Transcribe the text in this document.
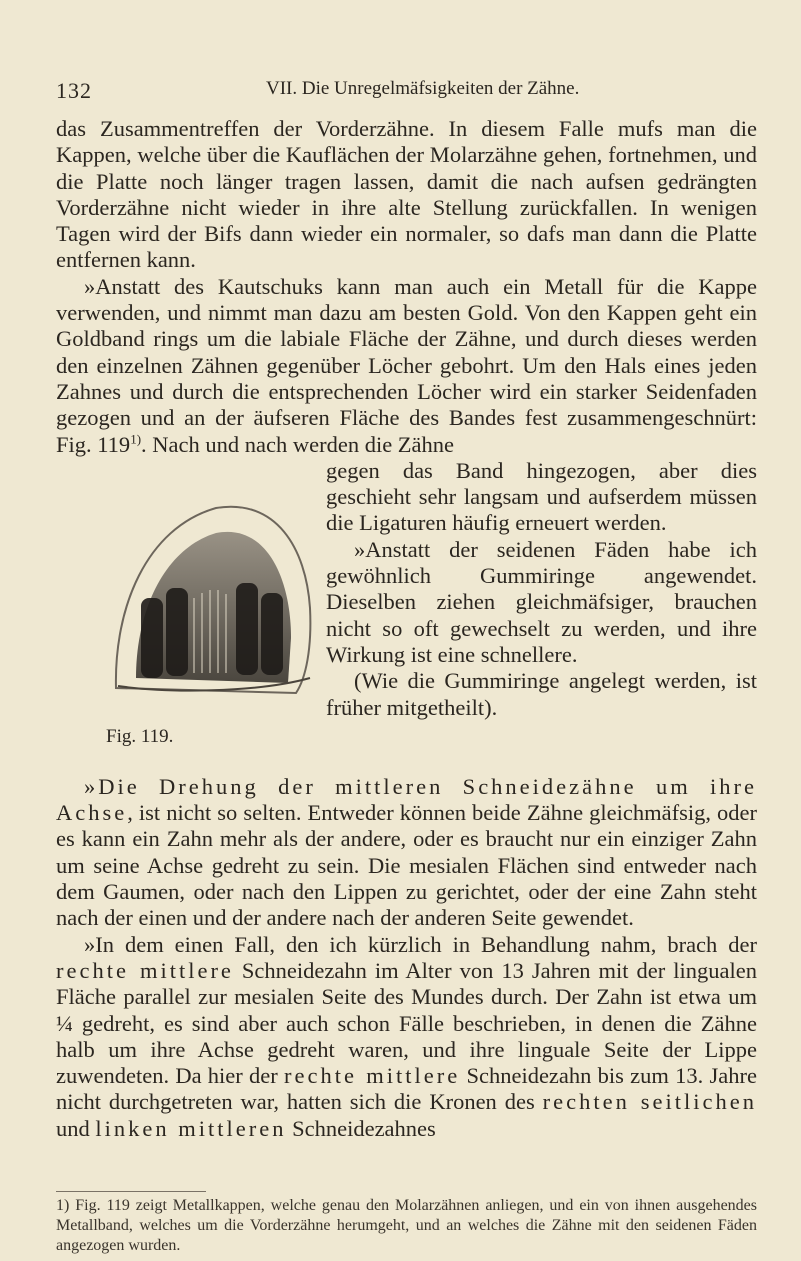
132	VII. Die Unregelmäfsigkeiten der Zähne.

das Zusammentreffen der Vorderzähne. In diesem Falle mufs man die Kappen, welche über die Kauflächen der Molarzähne gehen, fortnehmen, und die Platte noch länger tragen lassen, damit die nach aufsen gedrängten Vorderzähne nicht wieder in ihre alte Stellung zurückfallen. In wenigen Tagen wird der Bifs dann wieder ein normaler, so dafs man dann die Platte entfernen kann.

»Anstatt des Kautschuks kann man auch ein Metall für die Kappe verwenden, und nimmt man dazu am besten Gold. Von den Kappen geht ein Goldband rings um die labiale Fläche der Zähne, und durch dieses werden den einzelnen Zähnen gegenüber Löcher gebohrt. Um den Hals eines jeden Zahnes und durch die entsprechenden Löcher wird ein starker Seidenfaden gezogen und an der äufseren Fläche des Bandes fest zusammengeschnürt: Fig. 119$^{1)}$. Nach und nach werden die Zähne

Fig. 119.

gegen das Band hingezogen, aber dies geschieht sehr langsam und aufserdem müssen die Ligaturen häufig erneuert werden.

»Anstatt der seidenen Fäden habe ich gewöhnlich Gummiringe angewendet. Dieselben ziehen gleichmäfsiger, brauchen nicht so oft gewechselt zu werden, und ihre Wirkung ist eine schnellere.

(Wie die Gummiringe angelegt werden, ist früher mitgetheilt).

»Die Drehung der mittleren Schneidezähne um ihre Achse, ist nicht so selten. Entweder können beide Zähne gleichmäfsig, oder es kann ein Zahn mehr als der andere, oder es braucht nur ein einziger Zahn um seine Achse gedreht zu sein. Die mesialen Flächen sind entweder nach dem Gaumen, oder nach den Lippen zu gerichtet, oder der eine Zahn steht nach der einen und der andere nach der anderen Seite gewendet.

»In dem einen Fall, den ich kürzlich in Behandlung nahm, brach der rechte mittlere Schneidezahn im Alter von 13 Jahren mit der lingualen Fläche parallel zur mesialen Seite des Mundes durch. Der Zahn ist etwa um ¼ gedreht, es sind aber auch schon Fälle beschrieben, in denen die Zähne halb um ihre Achse gedreht waren, und ihre linguale Seite der Lippe zuwendeten. Da hier der rechte mittlere Schneidezahn bis zum 13. Jahre nicht durchgetreten war, hatten sich die Kronen des rechten seitlichen und linken mittleren Schneidezahnes

1) Fig. 119 zeigt Metallkappen, welche genau den Molarzähnen anliegen, und ein von ihnen ausgehendes Metallband, welches um die Vorderzähne herumgeht, und an welches die Zähne mit den seidenen Fäden angezogen wurden.
